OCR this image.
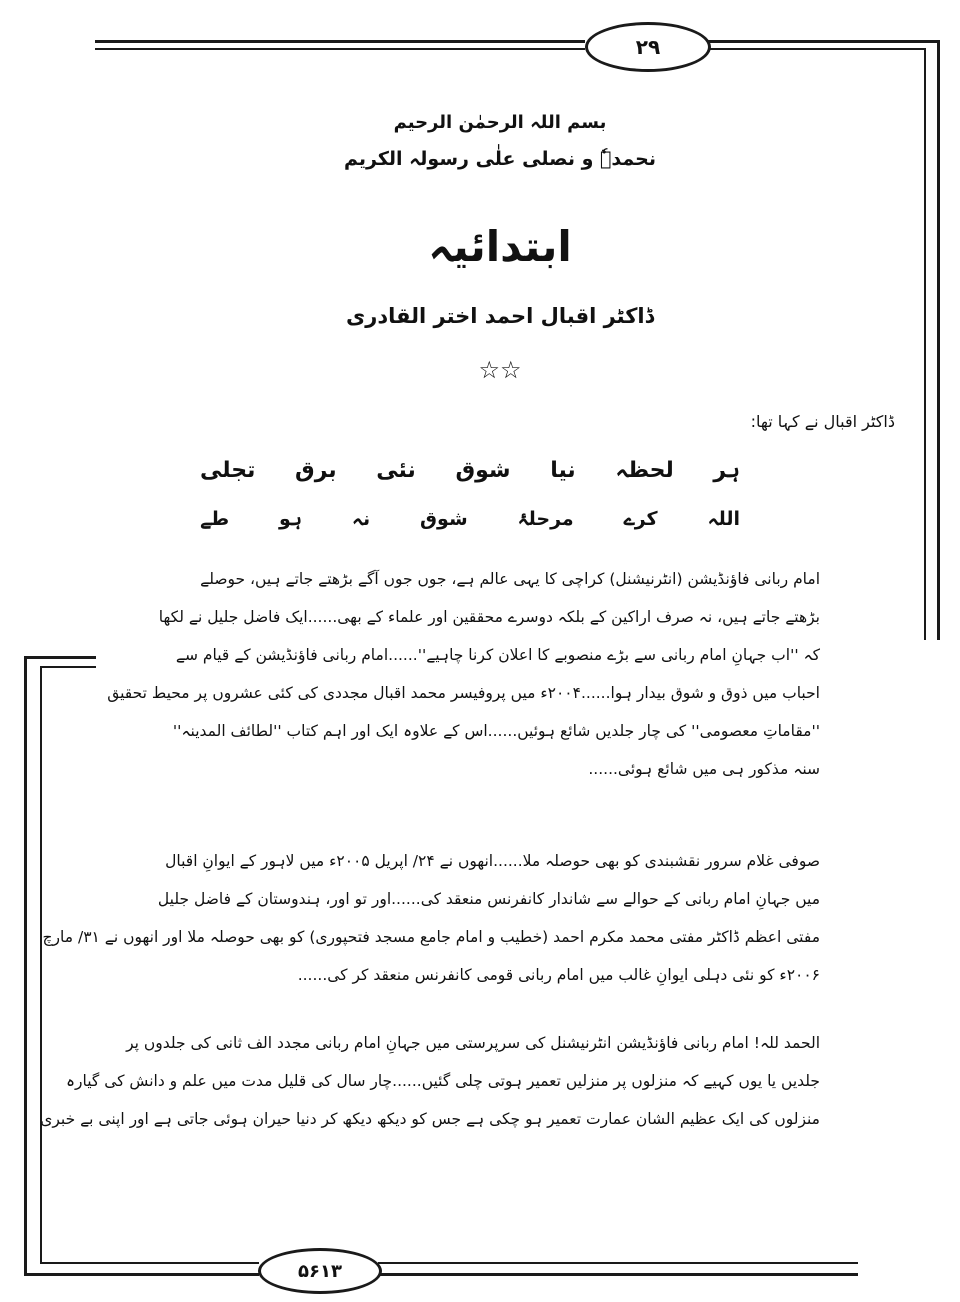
۲۹
۵۶۱۳
بسم اللہ الرحمٰن الرحیم
نحمدہٗ و نصلی علٰی رسولہ الکریم
ابتدائیہ
ڈاکٹر اقبال احمد اختر القادری
☆☆
ڈاکٹر اقبال نے کہا تھا:
ہر
لحظہ
نیا
شوق
نئی
برق
تجلی
اللہ
کرے
مرحلۂ
شوق
نہ
ہو
طے
امام ربانی فاؤنڈیشن (انٹرنیشنل) کراچی کا یہی عالم ہے، جوں جوں آگے بڑھتے جاتے ہیں، حوصلے
بڑھتے جاتے ہیں، نہ صرف اراکین کے بلکہ دوسرے محققین اور علماء کے بھی......ایک فاضل جلیل نے لکھا
کہ ''اب جہانِ امام ربانی سے بڑے منصوبے کا اعلان کرنا چاہیے''......امام ربانی فاؤنڈیشن کے قیام سے
احباب میں ذوق و شوق بیدار ہوا......۲۰۰۴ء میں پروفیسر محمد اقبال مجددی کی کئی عشروں پر محیط تحقیق
''مقاماتِ معصومی'' کی چار جلدیں شائع ہوئیں......اس کے علاوہ ایک اور اہم کتاب ''لطائف المدینہ''
سنہ مذکور ہی میں شائع ہوئی......
صوفی غلام سرور نقشبندی کو بھی حوصلہ ملا......انھوں نے ۲۴/ اپریل ۲۰۰۵ء میں لاہور کے ایوانِ اقبال
میں جہانِ امام ربانی کے حوالے سے شاندار کانفرنس منعقد کی......اور تو اور، ہندوستان کے فاضل جلیل
مفتی اعظم ڈاکٹر مفتی محمد مکرم احمد (خطیب و امام جامع مسجد فتحپوری) کو بھی حوصلہ ملا اور انھوں نے ۳۱/ مارچ
۲۰۰۶ء کو نئی دہلی ایوانِ غالب میں امام ربانی قومی کانفرنس منعقد کر کی......
الحمد للہ! امام ربانی فاؤنڈیشن انٹرنیشنل کی سرپرستی میں جہانِ امام ربانی مجدد الف ثانی کی جلدوں پر
جلدیں یا یوں کہیے کہ منزلوں پر منزلیں تعمیر ہوتی چلی گئیں......چار سال کی قلیل مدت میں علم و دانش کی گیارہ
منزلوں کی ایک عظیم الشان عمارت تعمیر ہو چکی ہے جس کو دیکھ دیکھ کر دنیا حیران ہوئی جاتی ہے اور اپنی بے خبری
